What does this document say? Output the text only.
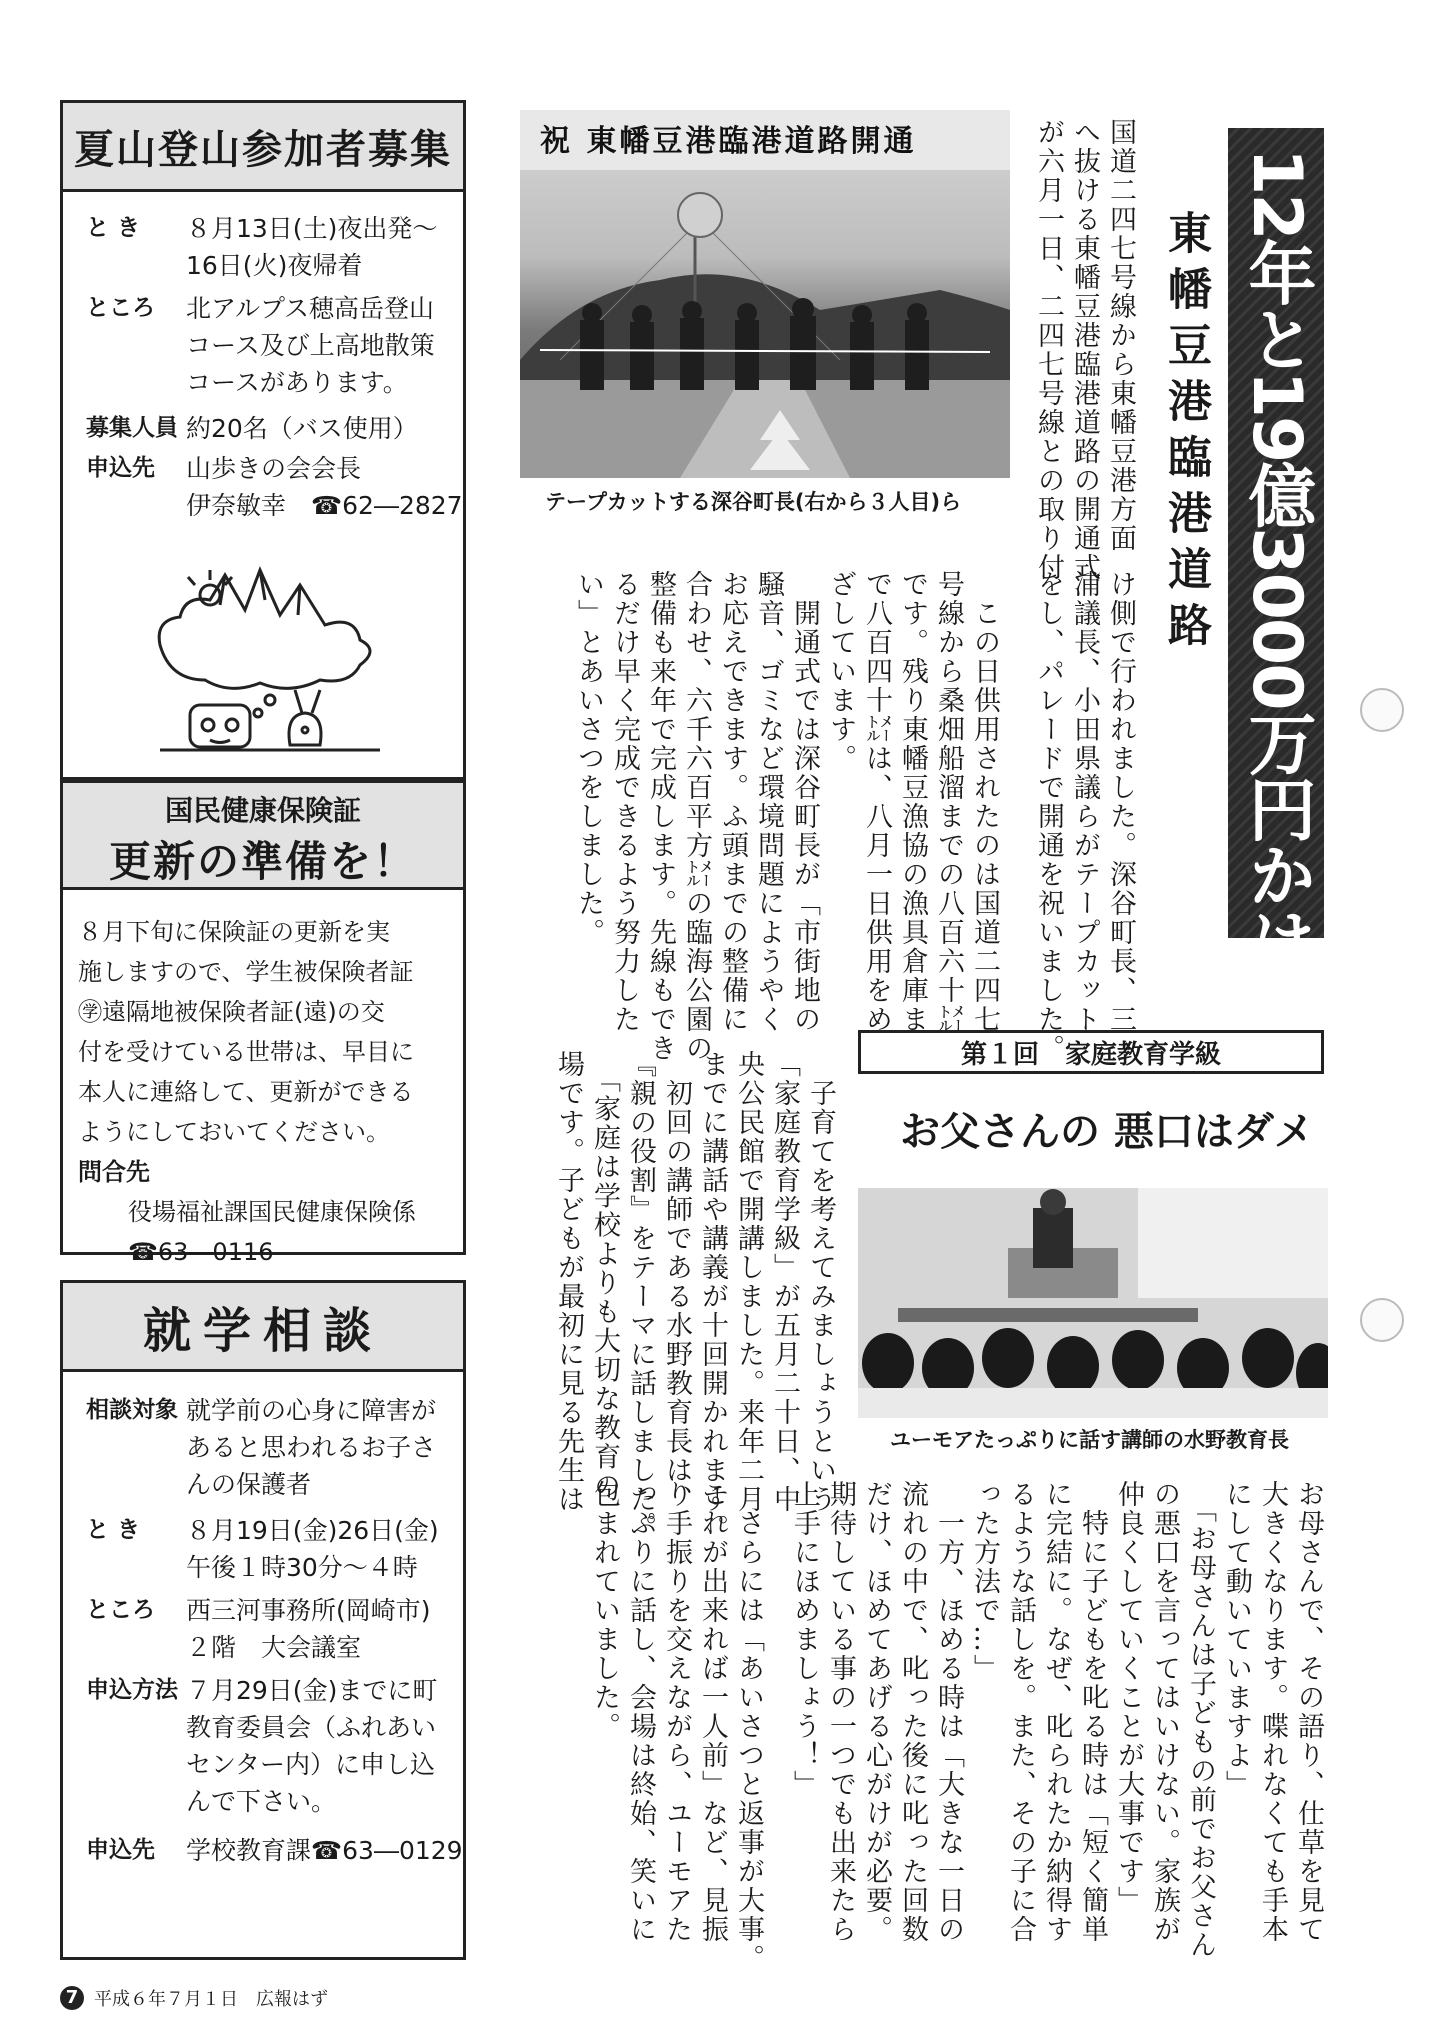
夏山登山参加者募集
と き	８月13日(土)夜出発～
16日(火)夜帰着
ところ	北アルプス穂高岳登山
コース及び上高地散策
コースがあります。
募集人員 約20名（バス使用）
申込先	山歩きの会会長
伊奈敏幸　☎62―2827
国民健康保険証
更新の準備を！
８月下旬に保険証の更新を実
施しますので、学生被保険者証
㊫遠隔地被保険者証(遠)の交
付を受けている世帯は、早目に
本人に連絡して、更新ができる
ようにしておいてください。
問合先
役場福祉課国民健康保険係
☎63―0116
就学相談
相談対象 就学前の心身に障害が
あると思われるお子さ
んの保護者
と き	８月19日(金)26日(金)
午後１時30分～４時
ところ	西三河事務所(岡崎市)
２階　大会議室
申込方法 ７月29日(金)までに町
教育委員会（ふれあい
センター内）に申し込
んで下さい。
申込先	学校教育課☎63―0129
7 平成６年７月１日　広報はず
12年と19億3000万円かけ開通
東幡豆港臨港道路
祝 東幡豆港臨港道路開通
テープカットする深谷町長(右から３人目)ら	国道二四七号線から東幡豆港方面
へ抜ける東幡豆港臨港道路の開通式
が六月一日、二四七号線との取り付
け側で行われました。深谷町長、三
浦議長、小田県議らがテープカット
をし、パレードで開通を祝いました。
　この日供用されたのは国道二四七
号線から桑畑船溜までの八百六十㍍
です。残り東幡豆漁協の漁具倉庫ま
で八百四十㍍は、八月一日供用をめ
ざしています。
　開通式では深谷町長が「市街地の
騒音、ゴミなど環境問題にようやく
お応えできます。ふ頭までの整備に
合わせ、六千六百平方㍍の臨海公園の
整備も来年で完成します。先線もでき
るだけ早く完成できるよう努力した
い」とあいさつをしました。
第１回　家庭教育学級
お父さんの 悪口はダメ
ユーモアたっぷりに話す講師の水野教育長
　子育てを考えてみましょうという
「家庭教育学級」が五月二十日、中
央公民館で開講しました。来年二月
までに講話や講義が十回開かれます。
　初回の講師である水野教育長は、
『親の役割』をテーマに話しました。
　「家庭は学校よりも大切な教育の
場です。子どもが最初に見る先生は
お母さんで、その語り、仕草を見て
大きくなります。喋れなくても手本
にして動いていますよ」
　「お母さんは子どもの前でお父さん
の悪口を言ってはいけない。家族が
仲良くしていくことが大事です」
　特に子どもを叱る時は「短く簡単
に完結に。なぜ、叱られたか納得す
るような話しを。また、その子に合
った方法で…」
　一方、ほめる時は「大きな一日の
流れの中で、叱った後に叱った回数
だけ、ほめてあげる心がけが必要。
期待している事の一つでも出来たら
上手にほめましょう！」
　さらには「あいさつと返事が大事。
これが出来れば一人前」など、見振
り手振りを交えながら、ユーモアた
っぷりに話し、会場は終始、笑いに
包まれていました。
